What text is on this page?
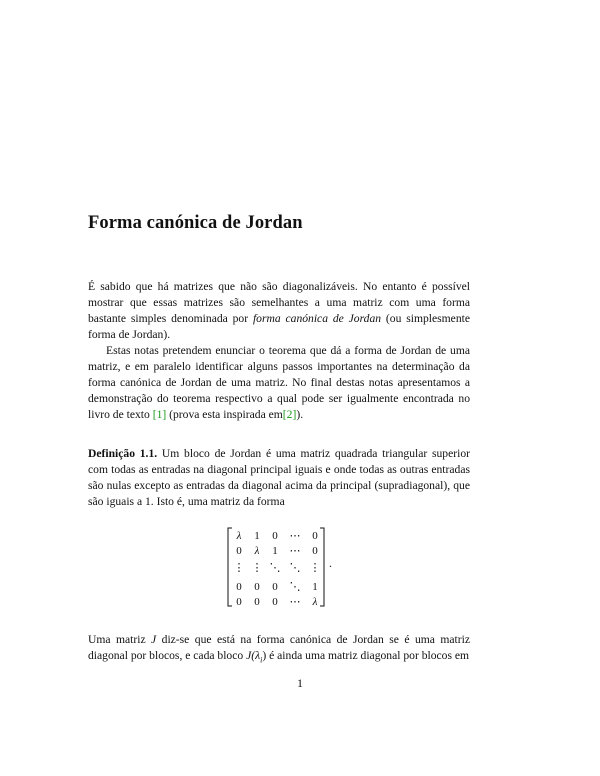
Forma canónica de Jordan

É sabido que há matrizes que não são diagonalizáveis. No entanto é possível mostrar que essas matrizes são semelhantes a uma matriz com uma forma bastante simples denominada por forma canónica de Jordan (ou simplesmente forma de Jordan).

Estas notas pretendem enunciar o teorema que dá a forma de Jordan de uma matriz, e em paralelo identificar alguns passos importantes na determinação da forma canónica de Jordan de uma matriz. No final destas notas apresentamos a demonstração do teorema respectivo a qual pode ser igualmente encontrada no livro de texto [1] (prova esta inspirada em[2]).

Definição 1.1. Um bloco de Jordan é uma matriz quadrada triangular superior com todas as entradas na diagonal principal iguais e onde todas as outras entradas são nulas excepto as entradas da diagonal acima da principal (supradiagonal), que são iguais a 1. Isto é, uma matriz da forma

λ	1	0	⋯	0
0	λ	1	⋯	0
⋮ ⋮ ⋱ ⋱ ⋮
0	0	0	⋱	1
0	0	0	⋯	λ
.

Uma matriz J diz-se que está na forma canónica de Jordan se é uma matriz diagonal por blocos, e cada bloco $J(\lambda_i)$ é ainda uma matriz diagonal por blocos em

1
